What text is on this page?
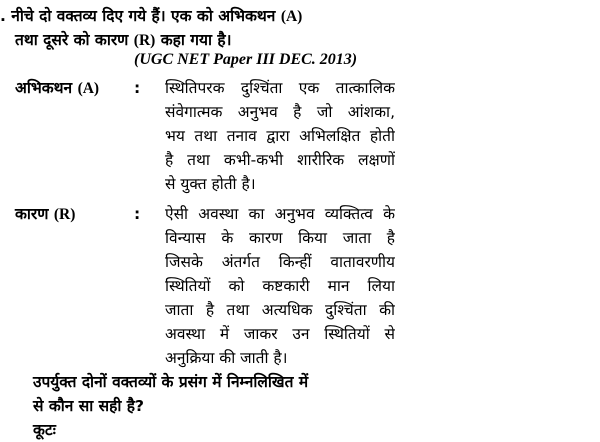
. नीचे दो वक्तव्य दिए गये हैं। एक को अभिकथन (A)
तथा दूसरे को कारण (R) कहा गया है।
(UGC NET Paper III DEC. 2013)
अभिकथन (A) : स्थितिपरक दुश्चिंता एक तात्कालिक
संवेगात्मक अनुभव है जो आंशका,
भय तथा तनाव द्वारा अभिलक्षित होती
है तथा कभी-कभी शारीरिक लक्षणों
से युक्त होती है।
कारण (R)	: ऐसी अवस्था का अनुभव व्यक्तित्व के
विन्यास के कारण किया जाता है
जिसके अंतर्गत किन्हीं वातावरणीय
स्थितियों को कष्टकारी मान लिया
जाता है तथा अत्यधिक दुश्चिंता की
अवस्था में जाकर उन स्थितियों से
अनुक्रिया की जाती है।
उपर्युक्त दोनों वक्तव्यों के प्रसंग में निम्नलिखित में
से कौन सा सही है?
कूटः
